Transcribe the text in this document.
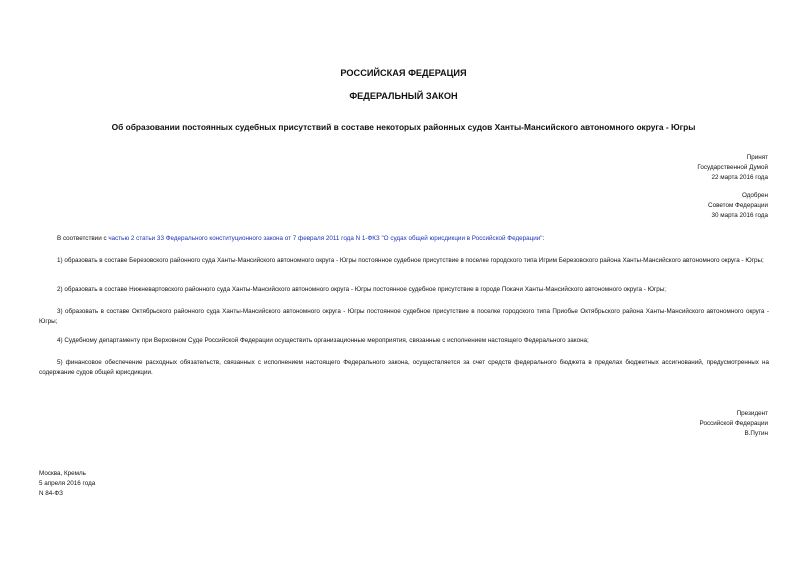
РОССИЙСКАЯ ФЕДЕРАЦИЯ
ФЕДЕРАЛЬНЫЙ ЗАКОН
Об образовании постоянных судебных присутствий в составе некоторых районных судов Ханты-Мансийского автономного округа - Югры
Принят
Государственной Думой
22 марта 2016 года
Одобрен
Советом Федерации
30 марта 2016 года
В соответствии с частью 2 статьи 33 Федерального конституционного закона от 7 февраля 2011 года N 1-ФКЗ "О судах общей юрисдикции в Российской Федерации":
1) образовать в составе Березовского районного суда Ханты-Мансийского автономного округа - Югры постоянное судебное присутствие в поселке городского типа Игрим Березовского района Ханты-Мансийского автономного округа - Югры;
2) образовать в составе Нижневартовского районного суда Ханты-Мансийского автономного округа - Югры постоянное судебное присутствие в городе Покачи Ханты-Мансийского автономного округа - Югры;
3) образовать в составе Октябрьского районного суда Ханты-Мансийского автономного округа - Югры постоянное судебное присутствие в поселке городского типа Приобье Октябрьского района Ханты-Мансийского автономного округа - Югры;
4) Судебному департаменту при Верховном Суде Российской Федерации осуществить организационные мероприятия, связанные с исполнением настоящего Федерального закона;
5) финансовое обеспечение расходных обязательств, связанных с исполнением настоящего Федерального закона, осуществляется за счет средств федерального бюджета в пределах бюджетных ассигнований, предусмотренных на содержание судов общей юрисдикции.
Президент
Российской Федерации
В.Путин
Москва, Кремль
5 апреля 2016 года
N 84-ФЗ
